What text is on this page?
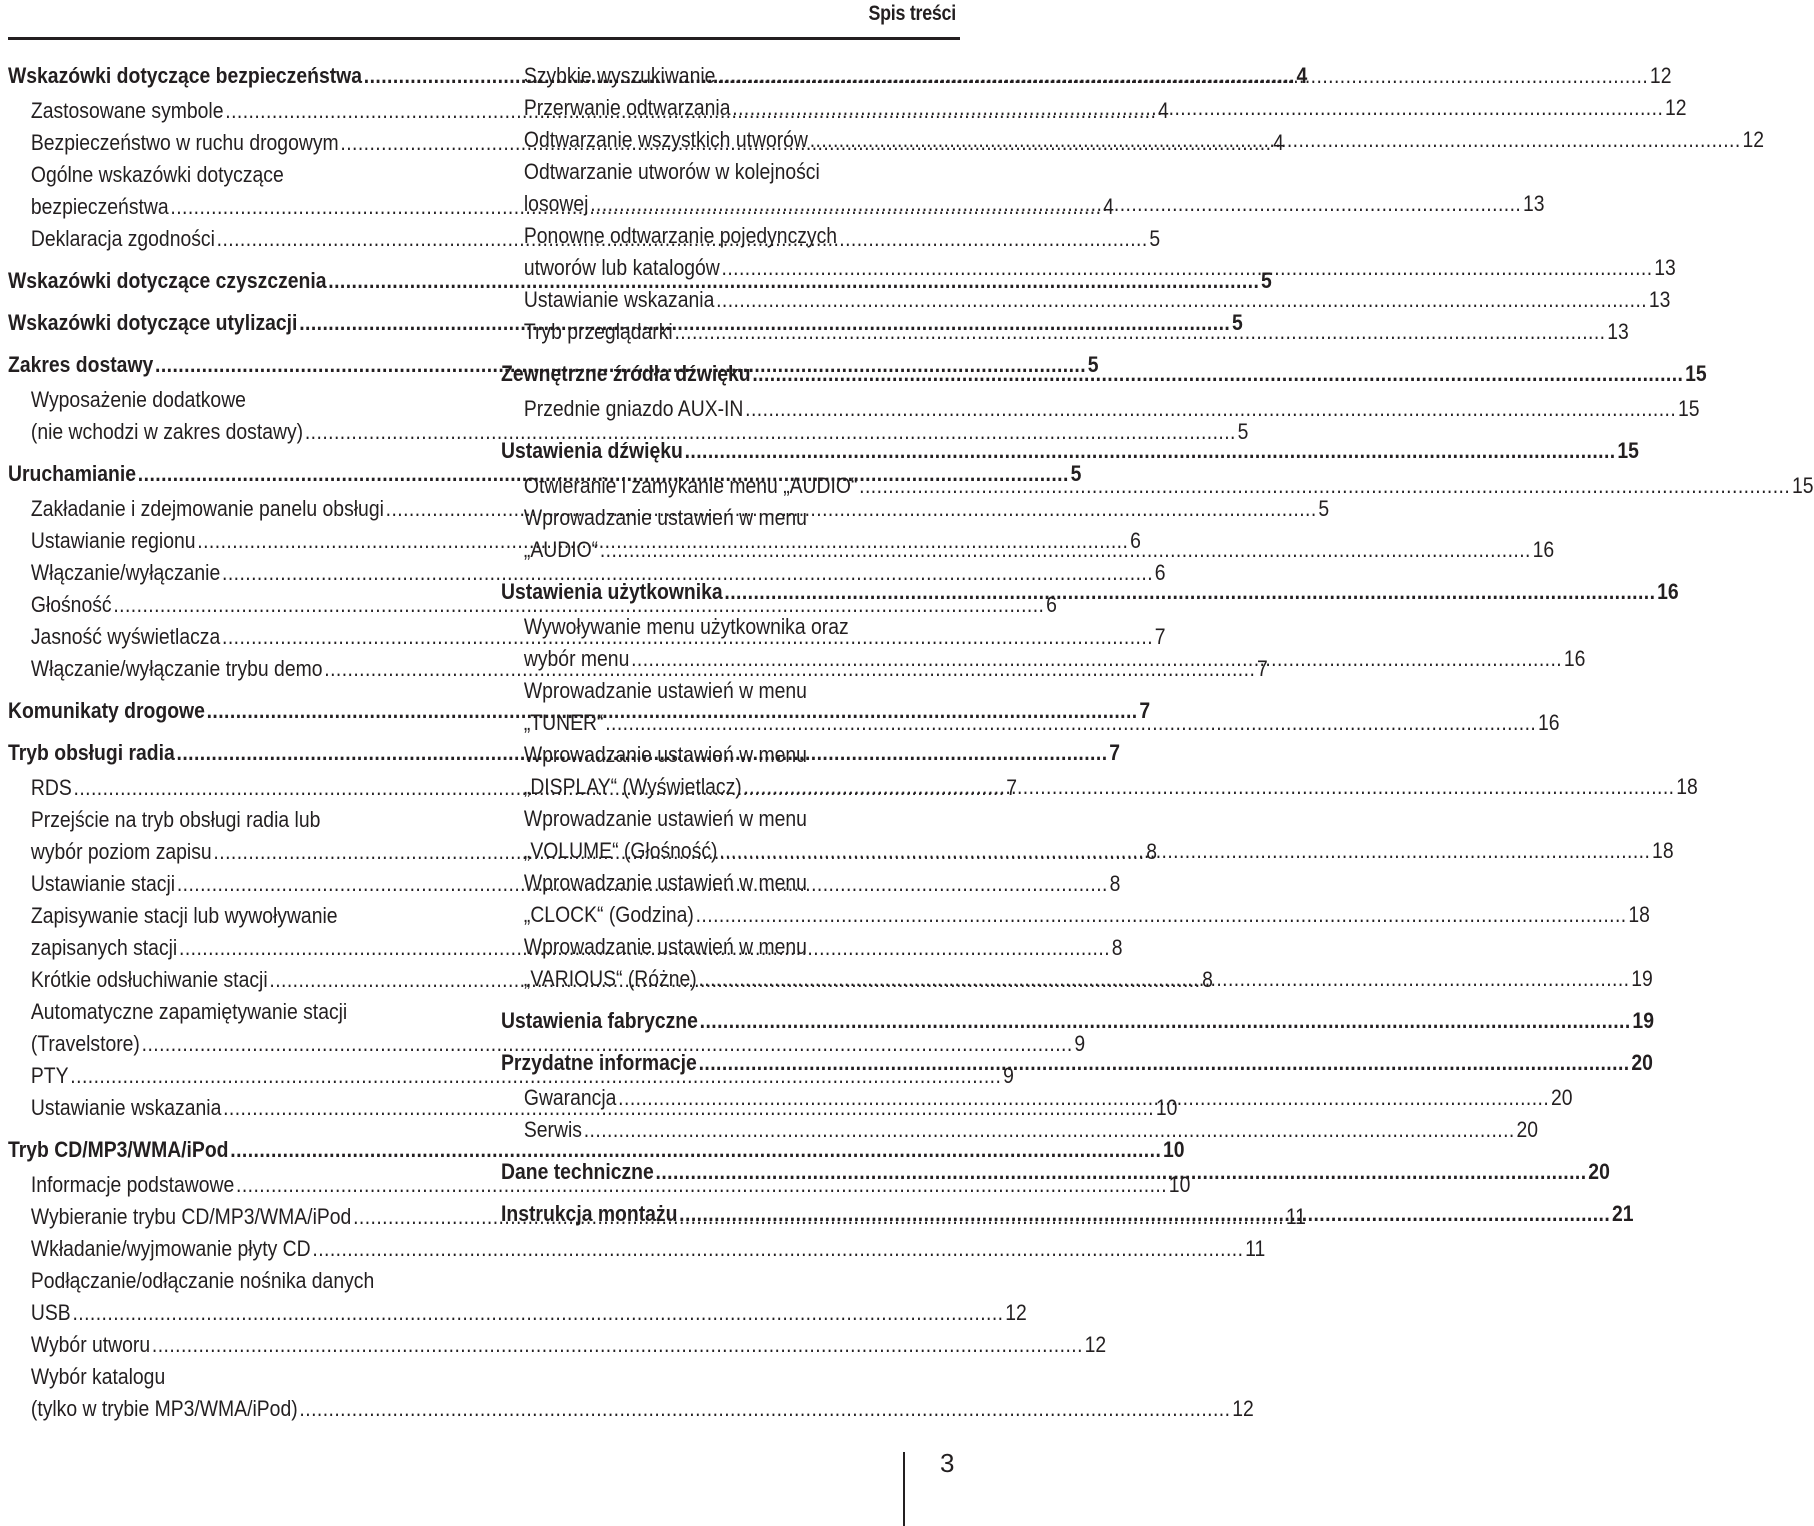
Spis treści
Wskazówki dotyczące bezpieczeństwa .....	4
Zastosowane symbole .....	4
Bezpieczeństwo w ruchu drogowym .....	4
Ogólne wskazówki dotyczące
bezpieczeństwa .....	4
Deklaracja zgodności .....	5
Wskazówki dotyczące czyszczenia .....	5
Wskazówki dotyczące utylizacji .....	5
Zakres dostawy .....	5
Wyposażenie dodatkowe
(nie wchodzi w zakres dostawy) .....	5
Uruchamianie .....	5
Zakładanie i zdejmowanie panelu obsługi .....	5
Ustawianie regionu .....	6
Włączanie/wyłączanie .....	6
Głośność .....	6
Jasność wyświetlacza .....	7
Włączanie/wyłączanie trybu demo .....	7
Komunikaty drogowe .....	7
Tryb obsługi radia .....	7
RDS .....	7
Przejście na tryb obsługi radia lub
wybór poziom zapisu .....	8
Ustawianie stacji .....	8
Zapisywanie stacji lub wywoływanie
zapisanych stacji .....	8
Krótkie odsłuchiwanie stacji .....	8
Automatyczne zapamiętywanie stacji
(Travelstore) .....	9
PTY .....	9
Ustawianie wskazania .....	10
Tryb CD/MP3/WMA/iPod .....	10
Informacje podstawowe .....	10
Wybieranie trybu CD/MP3/WMA/iPod .....	11
Wkładanie/wyjmowanie płyty CD .....	11
Podłączanie/odłączanie nośnika danych
USB .....	12
Wybór utworu .....	12
Wybór katalogu
(tylko w trybie MP3/WMA/iPod) .....	12
Szybkie wyszukiwanie .....	12
Przerwanie odtwarzania .....	12
Odtwarzanie wszystkich utworów .....	12
Odtwarzanie utworów w kolejności
losowej .....	13
Ponowne odtwarzanie pojedynczych
utworów lub katalogów .....	13
Ustawianie wskazania .....	13
Tryb przeglądarki .....	13
Zewnętrzne źródła dźwięku .....	15
Przednie gniazdo AUX-IN .....	15
Ustawienia dźwięku .....	15
Otwieranie i zamykanie menu „AUDIO“ .....	15
Wprowadzanie ustawień w menu
„AUDIO“ .....	16
Ustawienia użytkownika .....	16
Wywoływanie menu użytkownika oraz
wybór menu .....	16
Wprowadzanie ustawień w menu
„TUNER“ .....	16
Wprowadzanie ustawień w menu
„DISPLAY“ (Wyświetlacz) .....	18
Wprowadzanie ustawień w menu
„VOLUME“ (Głośność) .....	18
Wprowadzanie ustawień w menu
„CLOCK“ (Godzina) .....	18
Wprowadzanie ustawień w menu
„VARIOUS“ (Różne) .....	19
Ustawienia fabryczne .....	19
Przydatne informacje .....	20
Gwarancja .....	20
Serwis .....	20
Dane techniczne .....	20
Instrukcja montażu .....	21
3
